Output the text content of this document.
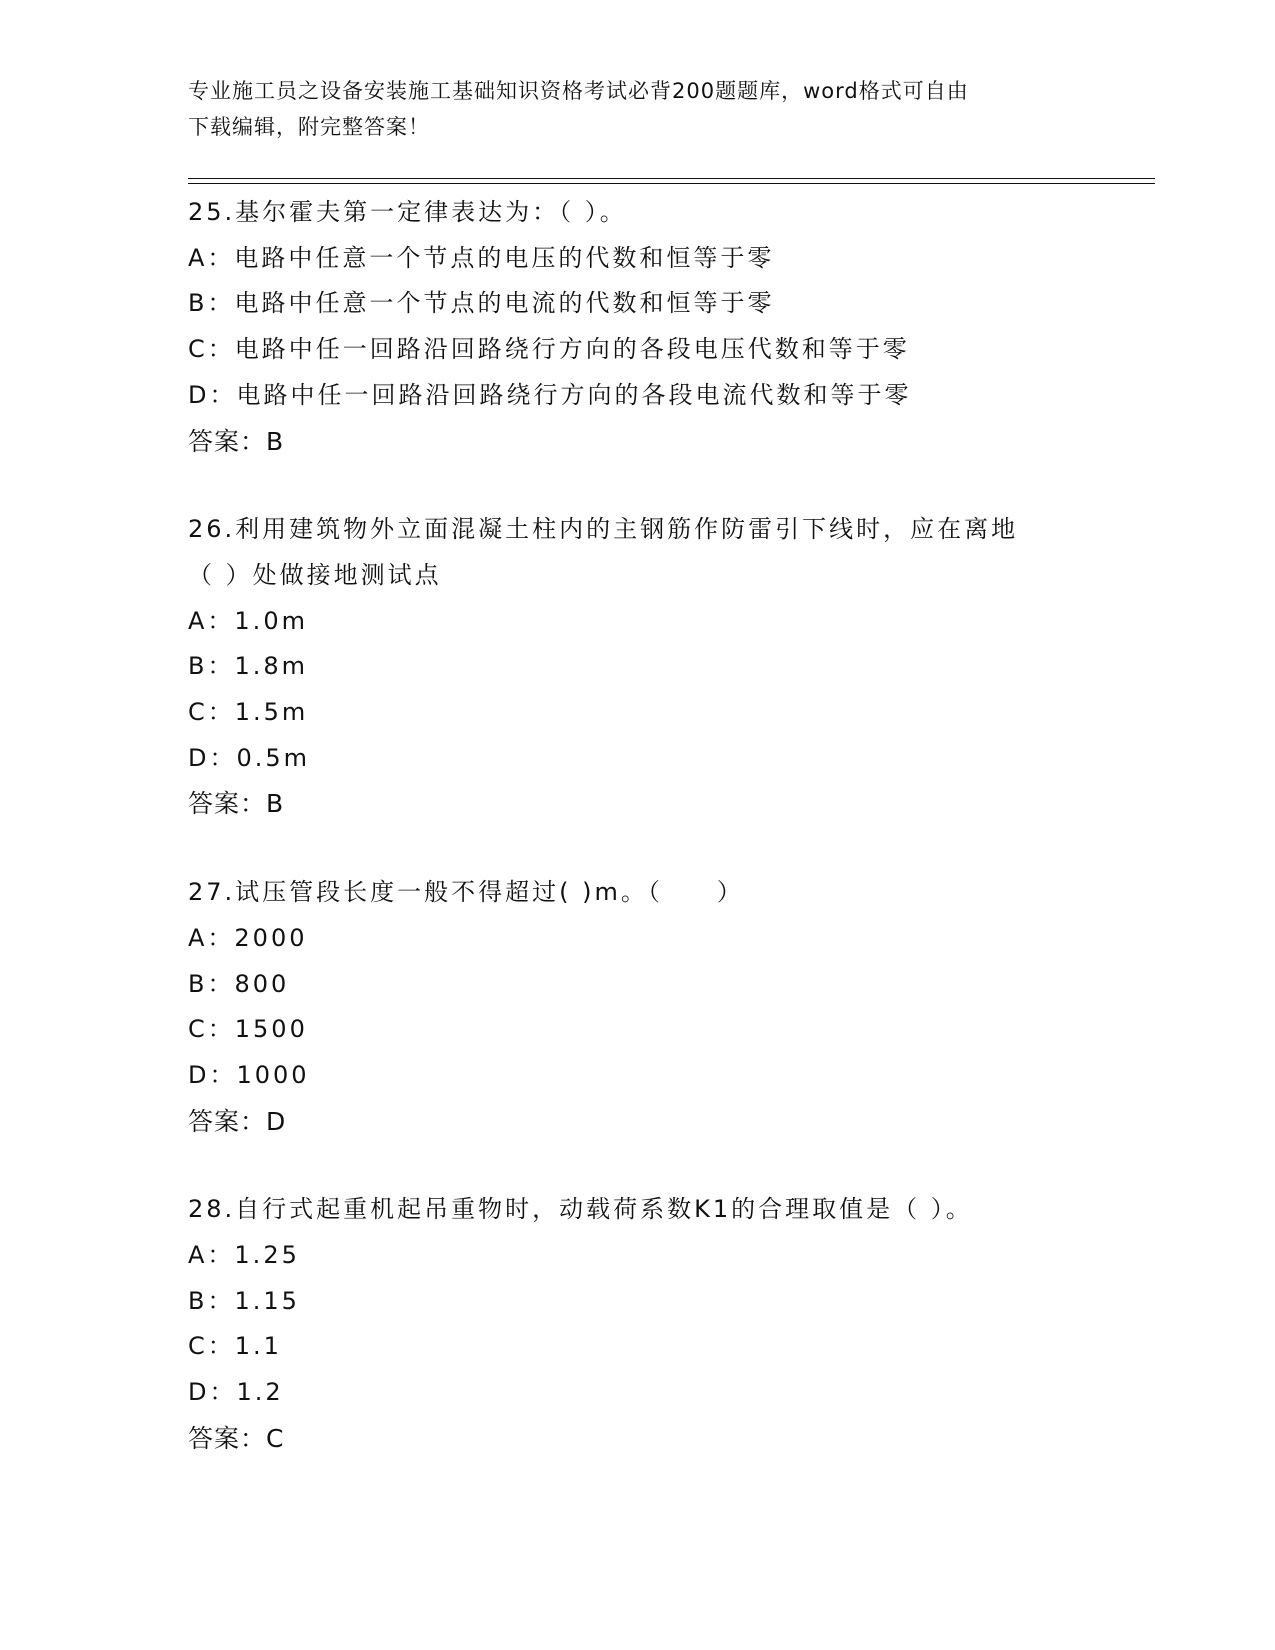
专业施工员之设备安装施工基础知识资格考试必背200题题库，word格式可自由
下载编辑，附完整答案！
25.基尔霍夫第一定律表达为：（ ）。
A：电路中任意一个节点的电压的代数和恒等于零
B：电路中任意一个节点的电流的代数和恒等于零
C：电路中任一回路沿回路绕行方向的各段电压代数和等于零
D：电路中任一回路沿回路绕行方向的各段电流代数和等于零
答案：B
26.利用建筑物外立面混凝土柱内的主钢筋作防雷引下线时，应在离地
（ ）处做接地测试点
A：1.0m
B：1.8m
C：1.5m
D：0.5m
答案：B
27.试压管段长度一般不得超过( )m。（　　）
A：2000
B：800
C：1500
D：1000
答案：D
28.自行式起重机起吊重物时，动载荷系数K1的合理取值是（ ）。
A：1.25
B：1.15
C：1.1
D：1.2
答案：C
